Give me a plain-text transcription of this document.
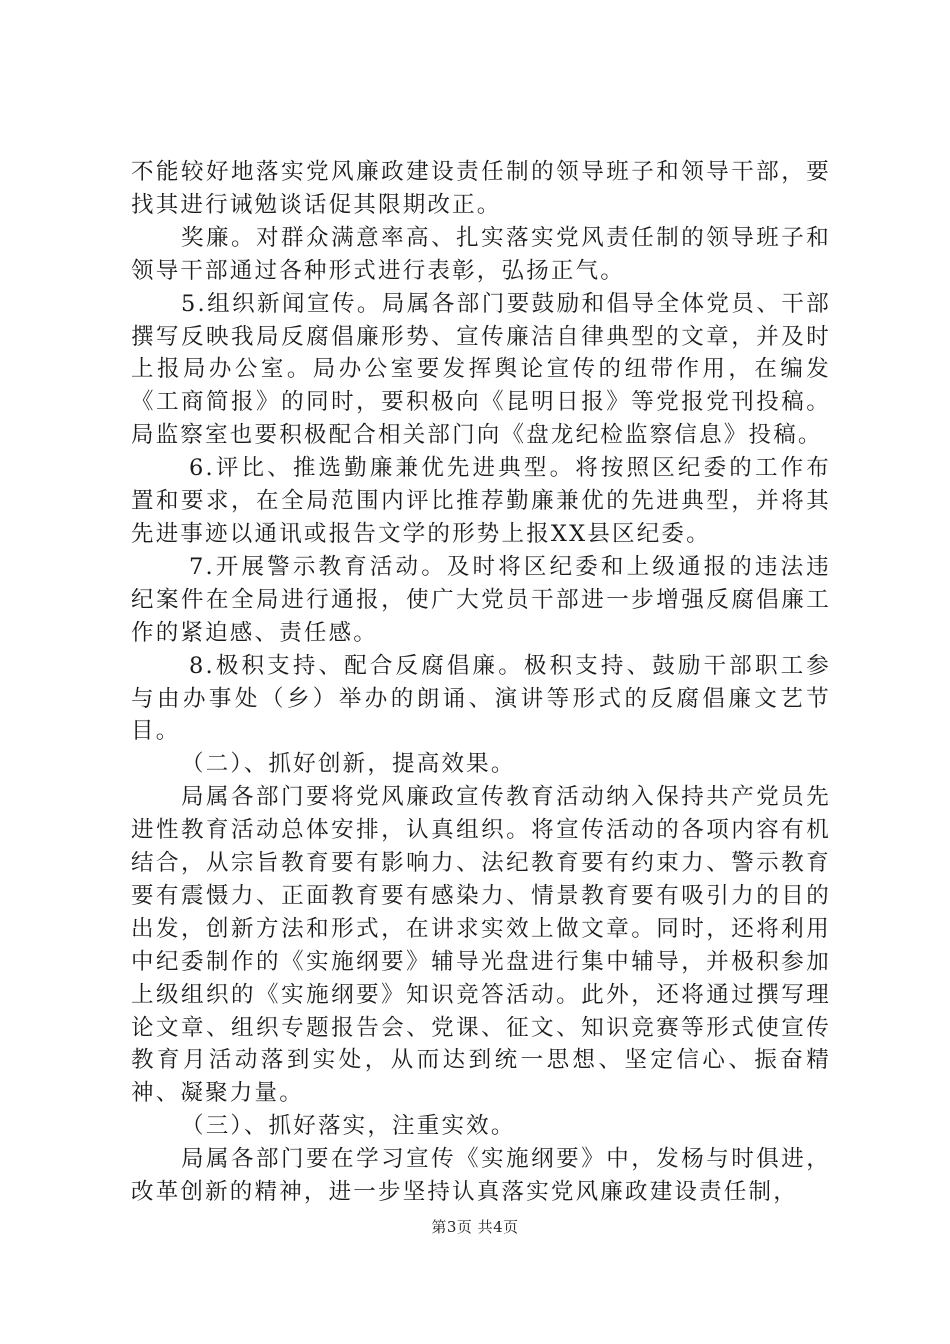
不能较好地落实党风廉政建设责任制的领导班子和领导干部，要找其进行诫勉谈话促其限期改正。

奖廉。对群众满意率高、扎实落实党风责任制的领导班子和领导干部通过各种形式进行表彰，弘扬正气。

5.组织新闻宣传。局属各部门要鼓励和倡导全体党员、干部撰写反映我局反腐倡廉形势、宣传廉洁自律典型的文章，并及时上报局办公室。局办公室要发挥舆论宣传的纽带作用，在编发《工商简报》的同时，要积极向《昆明日报》等党报党刊投稿。局监察室也要积极配合相关部门向《盘龙纪检监察信息》投稿。

6.评比、推选勤廉兼优先进典型。将按照区纪委的工作布置和要求，在全局范围内评比推荐勤廉兼优的先进典型，并将其先进事迹以通讯或报告文学的形势上报XX县区纪委。

7.开展警示教育活动。及时将区纪委和上级通报的违法违纪案件在全局进行通报，使广大党员干部进一步增强反腐倡廉工作的紧迫感、责任感。

8.极积支持、配合反腐倡廉。极积支持、鼓励干部职工参与由办事处（乡）举办的朗诵、演讲等形式的反腐倡廉文艺节目。

（二）、抓好创新，提高效果。

局属各部门要将党风廉政宣传教育活动纳入保持共产党员先进性教育活动总体安排，认真组织。将宣传活动的各项内容有机结合，从宗旨教育要有影响力、法纪教育要有约束力、警示教育要有震慑力、正面教育要有感染力、情景教育要有吸引力的目的出发，创新方法和形式，在讲求实效上做文章。同时，还将利用中纪委制作的《实施纲要》辅导光盘进行集中辅导，并极积参加上级组织的《实施纲要》知识竞答活动。此外，还将通过撰写理论文章、组织专题报告会、党课、征文、知识竞赛等形式使宣传教育月活动落到实处，从而达到统一思想、坚定信心、振奋精神、凝聚力量。

（三）、抓好落实，注重实效。

局属各部门要在学习宣传《实施纲要》中，发杨与时俱进，改革创新的精神，进一步坚持认真落实党风廉政建设责任制，

第3页 共4页
